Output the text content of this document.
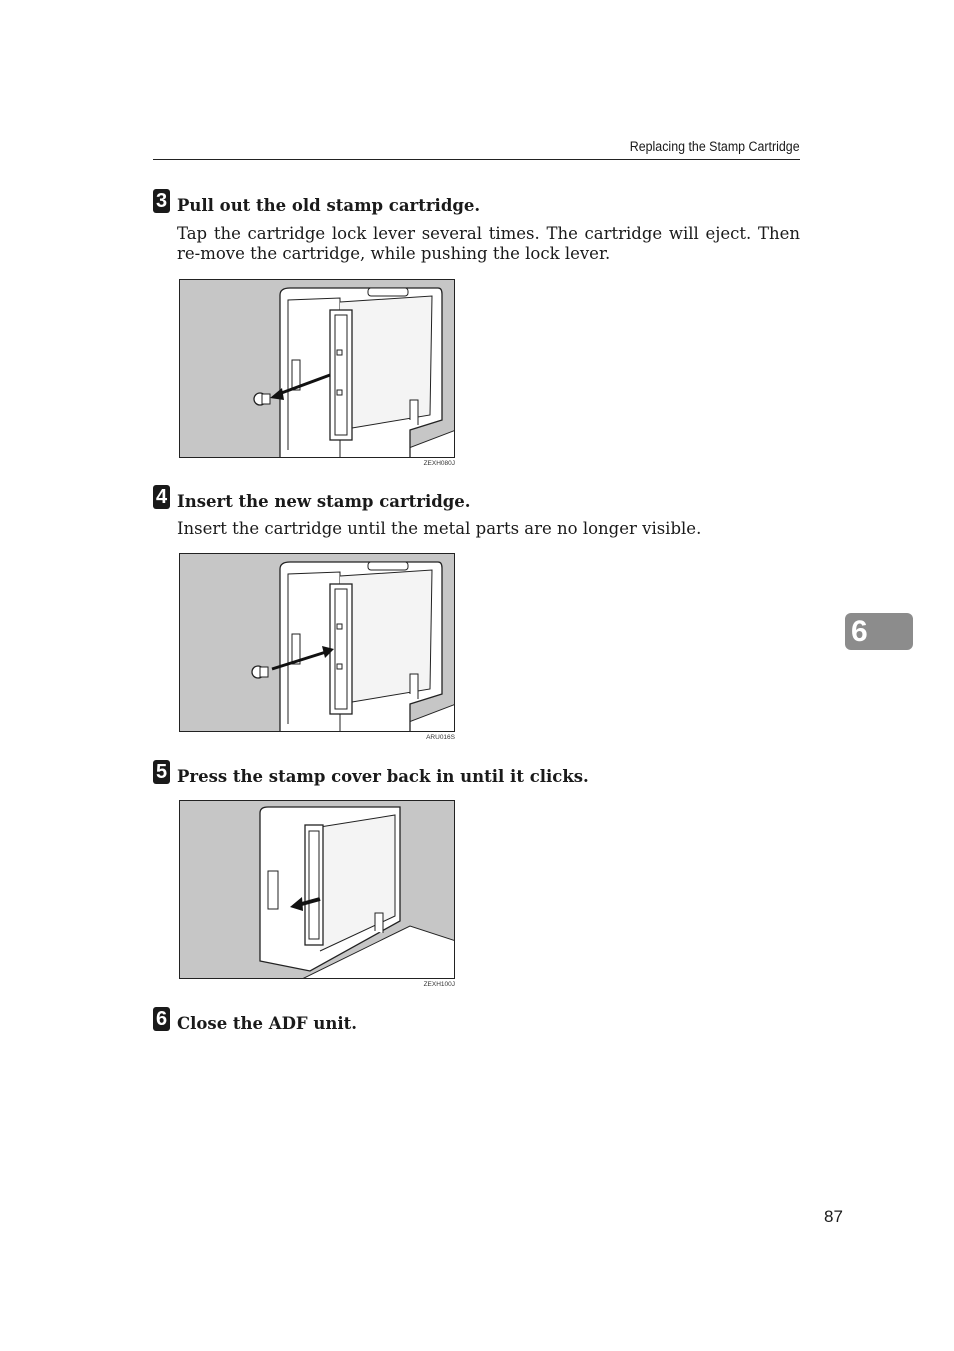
Replacing the Stamp Cartridge
3 Pull out the old stamp cartridge.
Tap the cartridge lock lever several times. The cartridge will eject. Then re-move the cartridge, while pushing the lock lever.
ZEXH080J
4 Insert the new stamp cartridge.
Insert the cartridge until the metal parts are no longer visible.
ARU016S
5 Press the stamp cover back in until it clicks.
ZEXH100J
6 Close the ADF unit.
6
87
